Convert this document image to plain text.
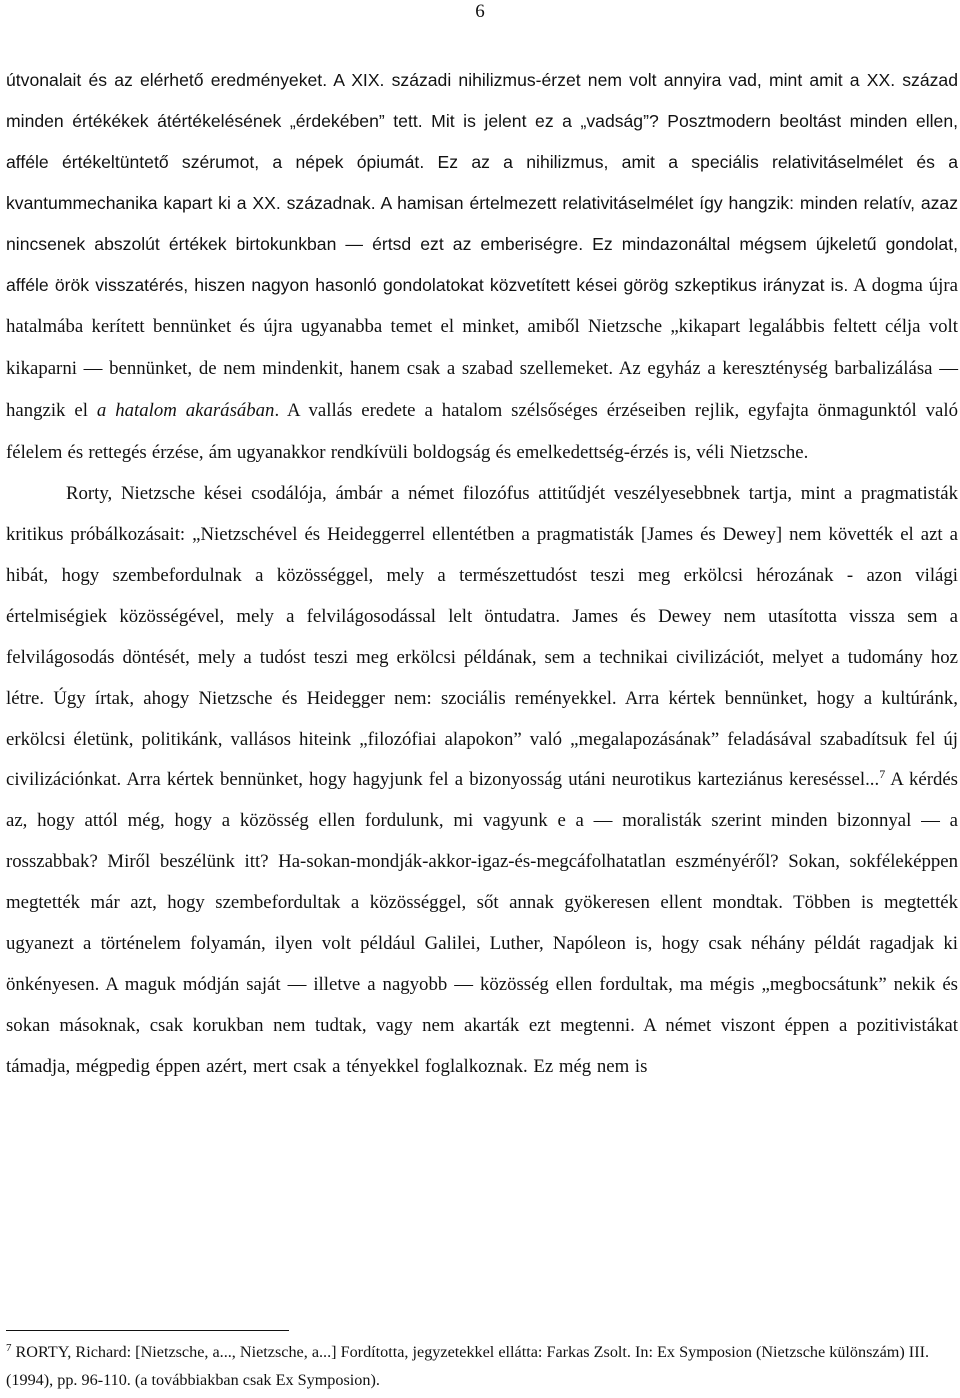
6

útvonalait és az elérhető eredményeket. A XIX. századi nihilizmus-érzet nem volt annyira vad, mint amit a XX. század minden értékékek átértékelésének „érdekében” tett. Mit is jelent ez a „vadság”? Posztmodern beoltást minden ellen, afféle értékeltüntető szérumot, a népek ópiumát. Ez az a nihilizmus, amit a speciális relativitáselmélet és a kvantummechanika kapart ki a XX. századnak. A hamisan értelmezett relativitáselmélet így hangzik: minden relatív, azaz nincsenek abszolút értékek birtokunkban — értsd ezt az emberiségre. Ez mindazonáltal mégsem újkeletű gondolat, afféle örök visszatérés, hiszen nagyon hasonló gondolatokat közvetített kései görög szkeptikus irányzat is. A dogma újra hatalmába kerített bennünket és újra ugyanabba temet el minket, amiből Nietzsche „kikapart legalábbis feltett célja volt kikaparni — bennünket, de nem mindenkit, hanem csak a szabad szellemeket. Az egyház a kereszténység barbalizálása — hangzik el a hatalom akarásában. A vallás eredete a hatalom szélsőséges érzéseiben rejlik, egyfajta önmagunktól való félelem és rettegés érzése, ám ugyanakkor rendkívüli boldogság és emelkedettség-érzés is, véli Nietzsche.

Rorty, Nietzsche kései csodálója, ámbár a német filozófus attitűdjét veszélyesebbnek tartja, mint a pragmatisták kritikus próbálkozásait: „Nietzschével és Heideggerrel ellentétben a pragmatisták [James és Dewey] nem követték el azt a hibát, hogy szembefordulnak a közösséggel, mely a természettudóst teszi meg erkölcsi hérozának - azon világi értelmiségiek közösségével, mely a felvilágosodással lelt öntudatra. James és Dewey nem utasította vissza sem a felvilágosodás döntését, mely a tudóst teszi meg erkölcsi példának, sem a technikai civilizációt, melyet a tudomány hoz létre. Úgy írtak, ahogy Nietzsche és Heidegger nem: szociális reményekkel. Arra kértek bennünket, hogy a kultúránk, erkölcsi életünk, politikánk, vallásos hiteink „filozófiai alapokon” való „megalapozásának” feladásával szabadítsuk fel új civilizációnkat. Arra kértek bennünket, hogy hagyjunk fel a bizonyosság utáni neurotikus karteziánus kereséssel...$^7$ A kérdés az, hogy attól még, hogy a közösség ellen fordulunk, mi vagyunk e a — moralisták szerint minden bizonnyal — a rosszabbak? Miről beszélünk itt? Ha-sokan-mondják-akkor-igaz-és-megcáfolhatatlan eszményéről? Sokan, sokféleképpen megtették már azt, hogy szembefordultak a közösséggel, sőt annak gyökeresen ellent mondtak. Többen is megtették ugyanezt a történelem folyamán, ilyen volt például Galilei, Luther, Napóleon is, hogy csak néhány példát ragadjak ki önkényesen. A maguk módján saját — illetve a nagyobb — közösség ellen fordultak, ma mégis „megbocsátunk” nekik és sokan másoknak, csak korukban nem tudtak, vagy nem akarták ezt megtenni. A német viszont éppen a pozitivistákat támadja, mégpedig éppen azért, mert csak a tényekkel foglalkoznak. Ez még nem is

$^7$ RORTY, Richard: [Nietzsche, a..., Nietzsche, a...] Fordította, jegyzetekkel ellátta: Farkas Zsolt. In: Ex Symposion (Nietzsche különszám) III. (1994), pp. 96-110. (a továbbiakban csak Ex Symposion).
